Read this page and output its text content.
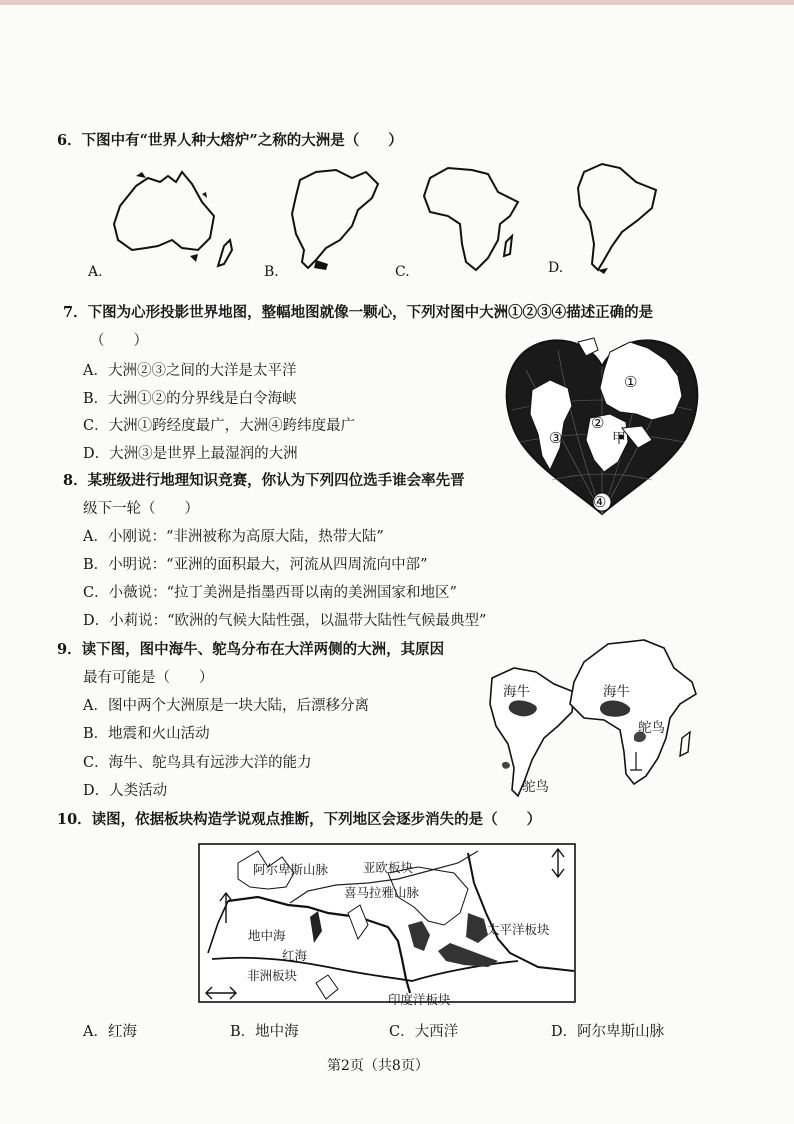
6．下图中有“世界人种大熔炉”之称的大洲是（　　）
A.	B.	C.	D.
7．下图为心形投影世界地图，整幅地图就像一颗心，下列对图中大洲①②③④描述正确的是
（　　）
A．大洲②③之间的大洋是太平洋
B．大洲①②的分界线是白令海峡
C．大洲①跨经度最广，大洲④跨纬度最广
D．大洲③是世界上最湿润的大洲
①
②
③
④
甲
8．某班级进行地理知识竞赛，你认为下列四位选手谁会率先晋
级下一轮（　　）
A．小刚说：“非洲被称为高原大陆，热带大陆”
B．小明说：“亚洲的面积最大，河流从四周流向中部”
C．小薇说：“拉丁美洲是指墨西哥以南的美洲国家和地区”
D．小莉说：“欧洲的气候大陆性强，以温带大陆性气候最典型”
9．读下图，图中海牛、鸵鸟分布在大洋两侧的大洲，其原因
最有可能是（　　）
A．图中两个大洲原是一块大陆，后漂移分离
B．地震和火山活动
C．海牛、鸵鸟具有远涉大洋的能力
D．人类活动
海牛	海牛
鸵鸟
鸵鸟
10．读图，依据板块构造学说观点推断，下列地区会逐步消失的是（　　）
阿尔卑斯山脉	亚欧板块
喜马拉雅山脉
地中海
红海
非洲板块
太平洋板块
印度洋板块
A．红海	B．地中海	C．大西洋	D．阿尔卑斯山脉
第2页（共8页）
